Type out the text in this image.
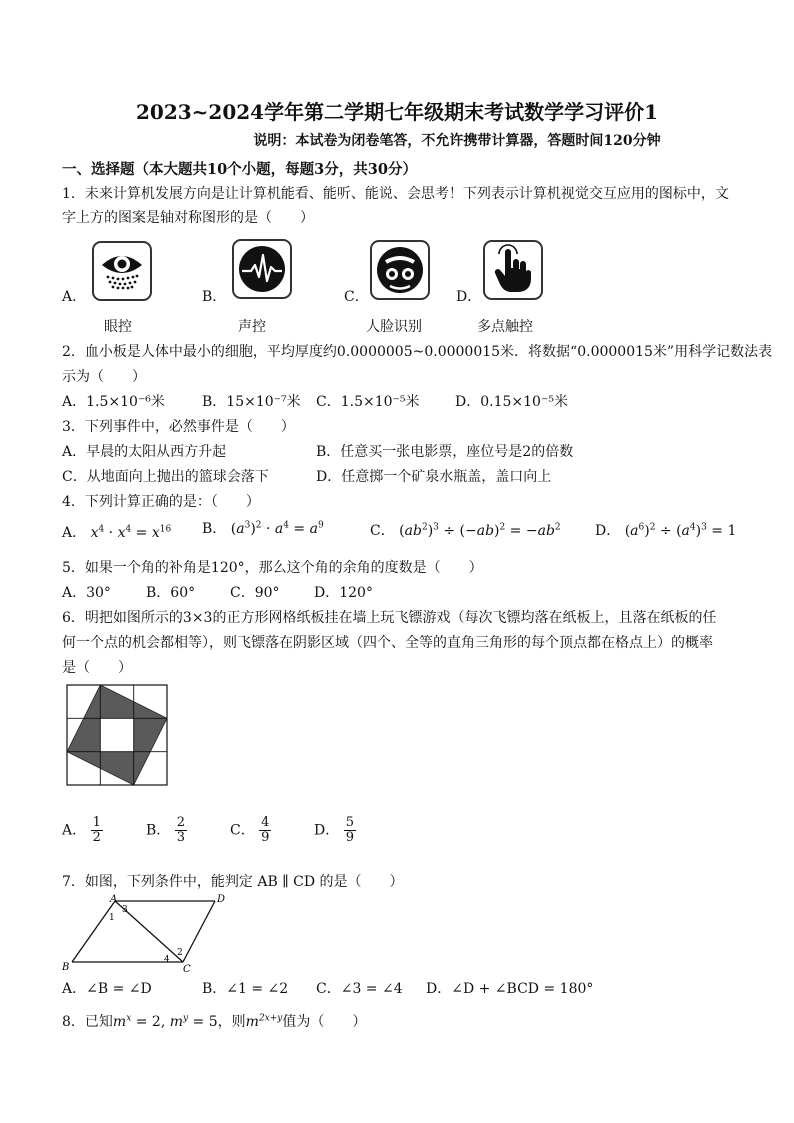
2023~2024学年第二学期七年级期末考试数学学习评价1
说明：本试卷为闭卷笔答，不允许携带计算器，答题时间120分钟
一、选择题（本大题共10个小题，每题3分，共30分）
1．未来计算机发展方向是让计算机能看、能听、能说、会思考！下列表示计算机视觉交互应用的图标中，文
字上方的图案是轴对称图形的是（　　）
A．
眼控
B．
声控
C．
人脸识别
D．
多点触控
2．血小板是人体中最小的细胞，平均厚度约0.0000005~0.0000015米．将数据“0.0000015米”用科学记数法表
示为（　　）
A．1.5×10⁻⁶米	B．15×10⁻⁷米 C．1.5×10⁻⁵米	D．0.15×10⁻⁵米
3．下列事件中，必然事件是（　　）
A．早晨的太阳从西方升起	B．任意买一张电影票，座位号是2的倍数
C．从地面向上抛出的篮球会落下	D．任意掷一个矿泉水瓶盖，盖口向上
4．下列计算正确的是：（　　）
A． $x^4 \cdot x^4 = x^{16}$ B． $(a^3)^2 \cdot a^4 = a^9$	C． $(ab^2)^3 \div (-ab)^2 = -ab^2$ D． $(a^6)^2 \div (a^4)^3 = 1$
5．如果一个角的补角是120°，那么这个角的余角的度数是（　　）
A．30°	B．60° C．90° D．120°
6．明把如图所示的3×3的正方形网格纸板挂在墙上玩飞镖游戏（每次飞镖均落在纸板上，且落在纸板的任
何一个点的机会都相等），则飞镖落在阴影区域（四个、全等的直角三角形的每个顶点都在格点上）的概率
是（　　）
A． $\frac{1}{2}$	B． $\frac{2}{3}$	C． $\frac{4}{9}$	D． $\frac{5}{9}$
7．如图，下列条件中，能判定 AB ∥ CD 的是（　　）
A	D
B	C
1
3
2
4
A．∠B = ∠D	B．∠1 = ∠2 C．∠3 = ∠4 D．∠D + ∠BCD = 180°
8．已知$m^x = 2$, $m^y = 5$，则$m^{2x+y}$值为（　　）
